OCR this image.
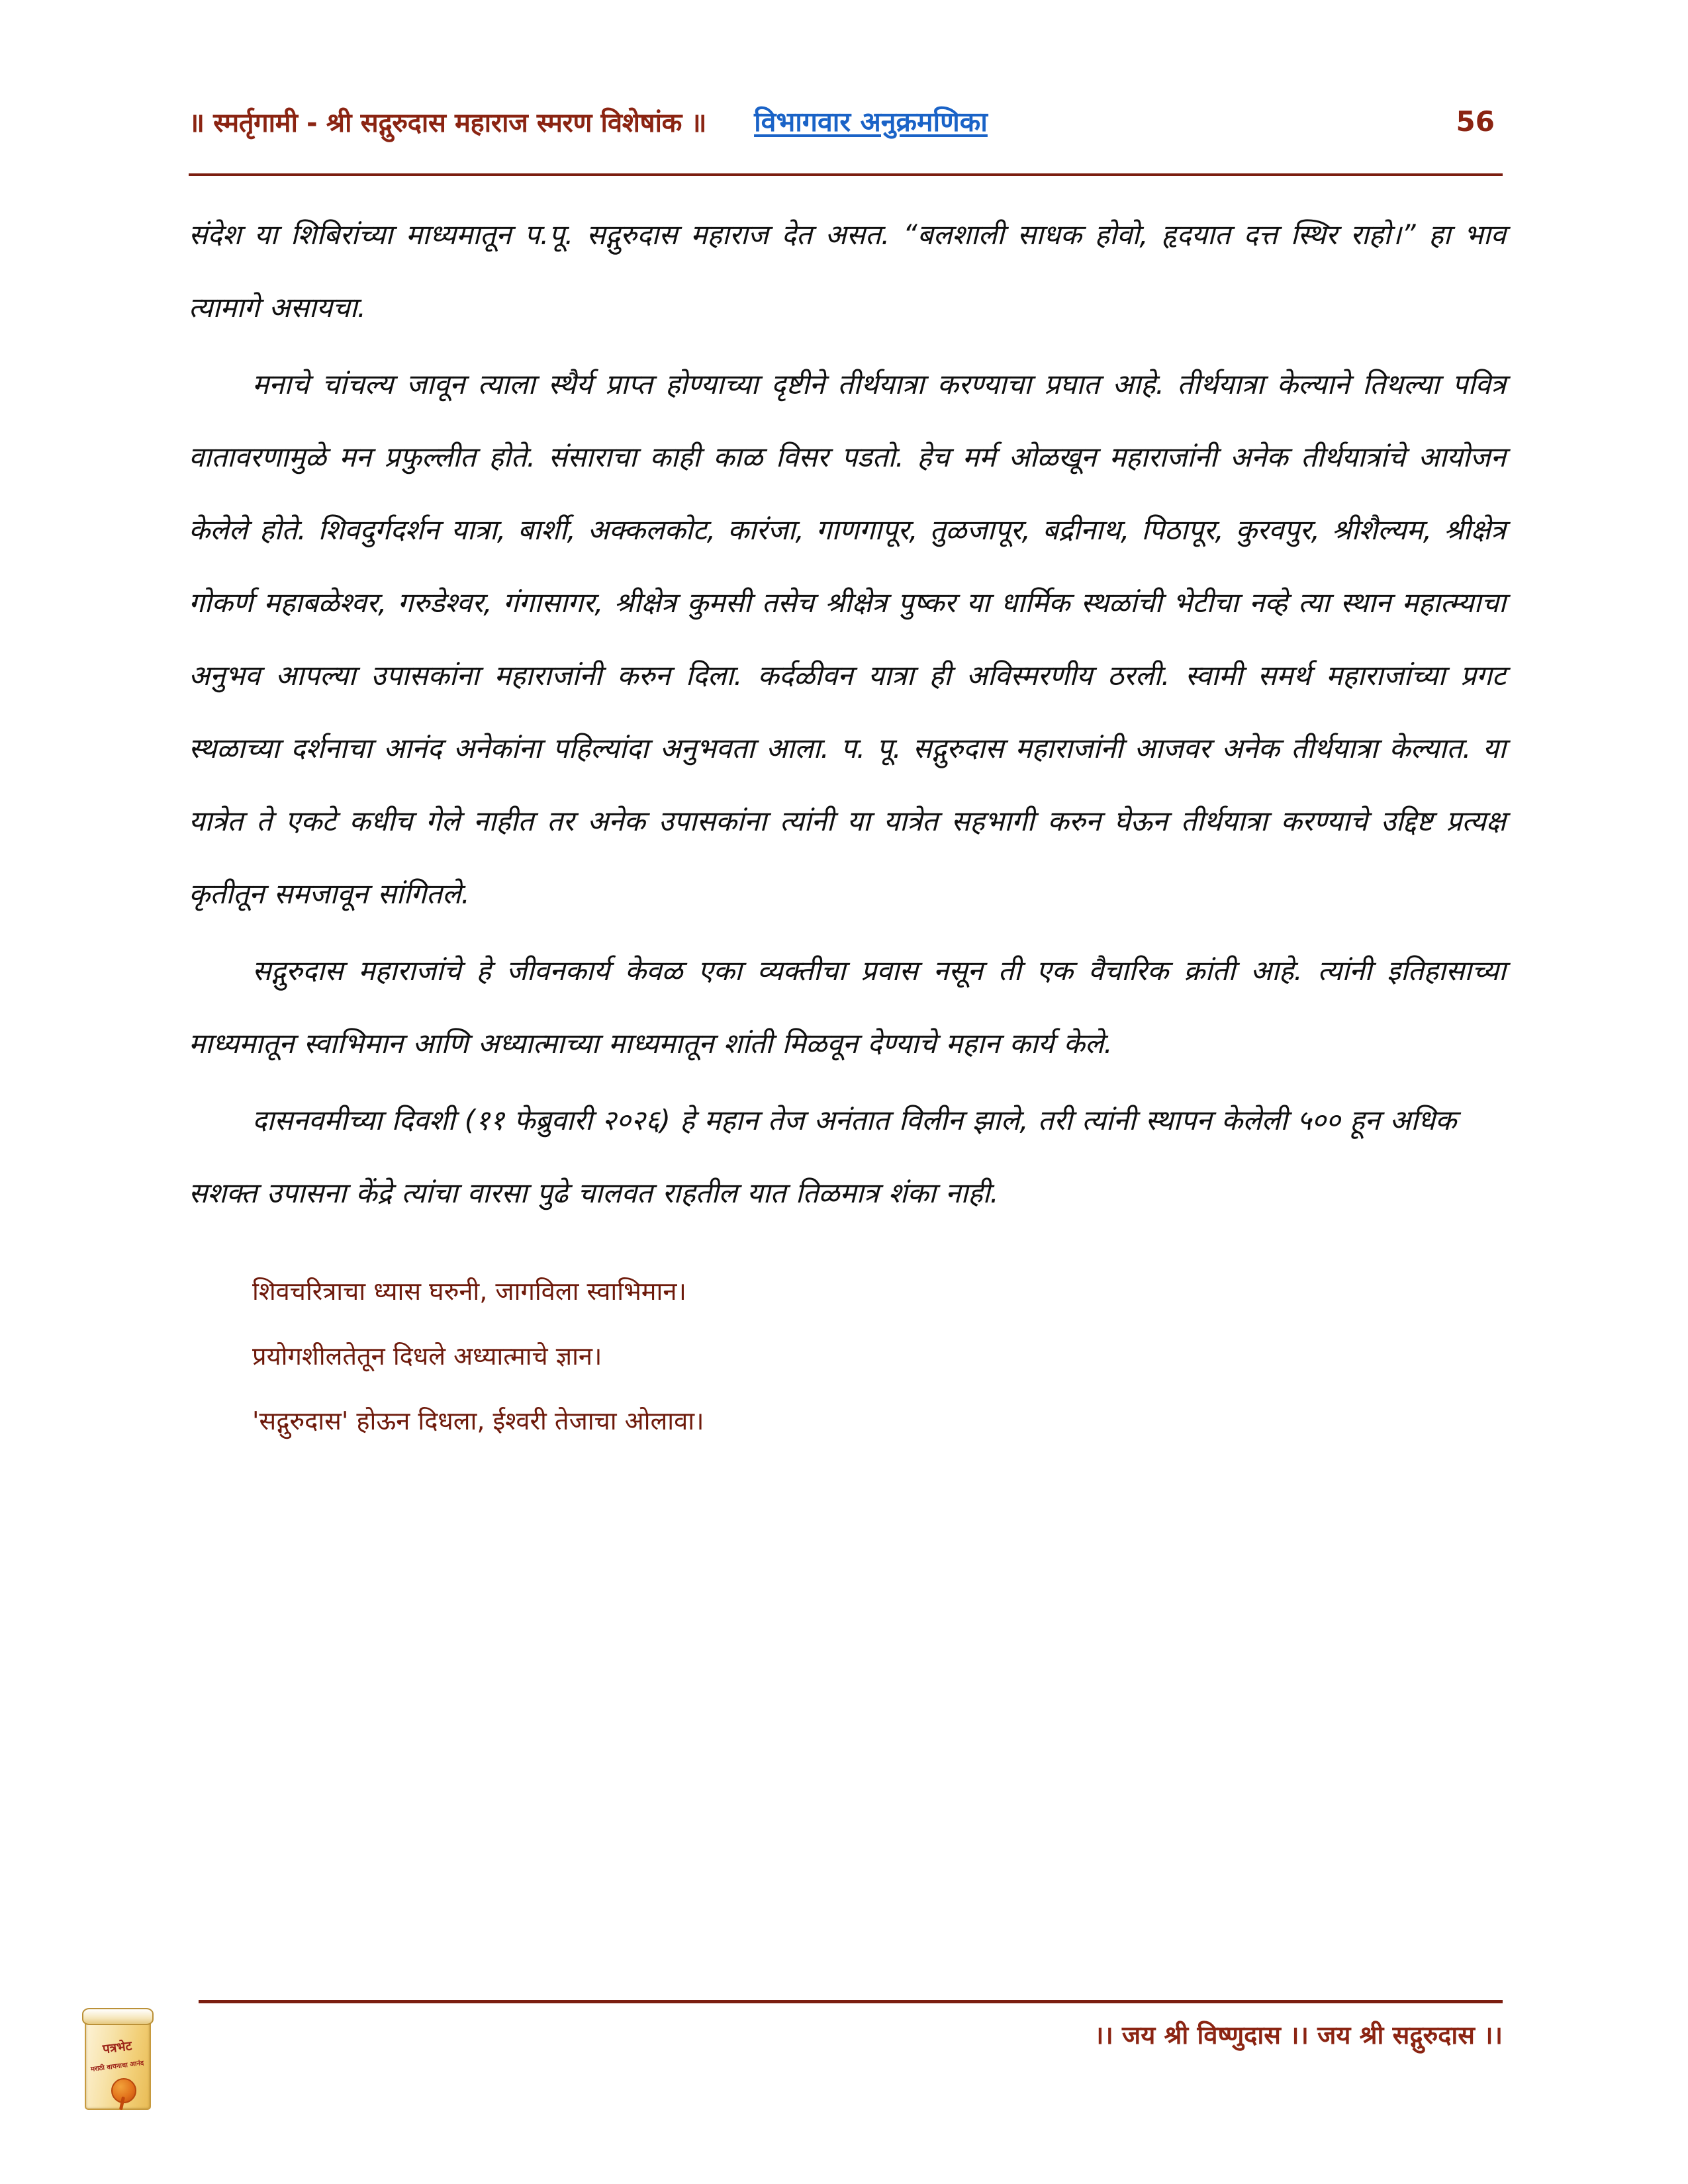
॥ स्मर्तृगामी - श्री सद्गुरुदास महाराज स्मरण विशेषांक ॥ विभागवार अनुक्रमणिका	56

संदेश या शिबिरांच्या माध्यमातून प.पू. सद्गुरुदास महाराज देत असत. “बलशाली साधक होवो, हृदयात दत्त स्थिर राहो।” हा भाव त्यामागे असायचा.

मनाचे चांचल्य जावून त्याला स्थैर्य प्राप्त होण्याच्या दृष्टीने तीर्थयात्रा करण्याचा प्रघात आहे. तीर्थयात्रा केल्याने तिथल्या पवित्र वातावरणामुळे मन प्रफुल्लीत होते. संसाराचा काही काळ विसर पडतो. हेच मर्म ओळखून महाराजांनी अनेक तीर्थयात्रांचे आयोजन केलेले होते. शिवदुर्गदर्शन यात्रा, बार्शी, अक्कलकोट, कारंजा, गाणगापूर, तुळजापूर, बद्रीनाथ, पिठापूर, कुरवपुर, श्रीशैल्यम, श्रीक्षेत्र गोकर्ण महाबळेश्वर, गरुडेश्वर, गंगासागर, श्रीक्षेत्र कुमसी तसेच श्रीक्षेत्र पुष्कर या धार्मिक स्थळांची भेटीचा नव्हे त्या स्थान महात्म्याचा अनुभव आपल्या उपासकांना महाराजांनी करुन दिला. कर्दळीवन यात्रा ही अविस्मरणीय ठरली. स्वामी समर्थ महाराजांच्या प्रगट स्थळाच्या दर्शनाचा आनंद अनेकांना पहिल्यांदा अनुभवता आला. प. पू. सद्गुरुदास महाराजांनी आजवर अनेक तीर्थयात्रा केल्यात. या यात्रेत ते एकटे कधीच गेले नाहीत तर अनेक उपासकांना त्यांनी या यात्रेत सहभागी करुन घेऊन तीर्थयात्रा करण्याचे उद्दिष्ट प्रत्यक्ष कृतीतून समजावून सांगितले.

सद्गुरुदास महाराजांचे हे जीवनकार्य केवळ एका व्यक्तीचा प्रवास नसून ती एक वैचारिक क्रांती आहे. त्यांनी इतिहासाच्या माध्यमातून स्वाभिमान आणि अध्यात्माच्या माध्यमातून शांती मिळवून देण्याचे महान कार्य केले.

दासनवमीच्या दिवशी (११ फेब्रुवारी २०२६) हे महान तेज अनंतात विलीन झाले, तरी त्यांनी स्थापन केलेली ५०० हून अधिक सशक्त उपासना केंद्रे त्यांचा वारसा पुढे चालवत राहतील यात तिळमात्र शंका नाही.

शिवचरित्राचा ध्यास घरुनी, जागविला स्वाभिमान।
प्रयोगशीलतेतून दिधले अध्यात्माचे ज्ञान।
'सद्गुरुदास' होऊन दिधला, ईश्वरी तेजाचा ओलावा।
।। जय श्री विष्णुदास ।। जय श्री सद्गुरुदास ।।
पत्रभेट
मराठी वाचनाचा आनंद
